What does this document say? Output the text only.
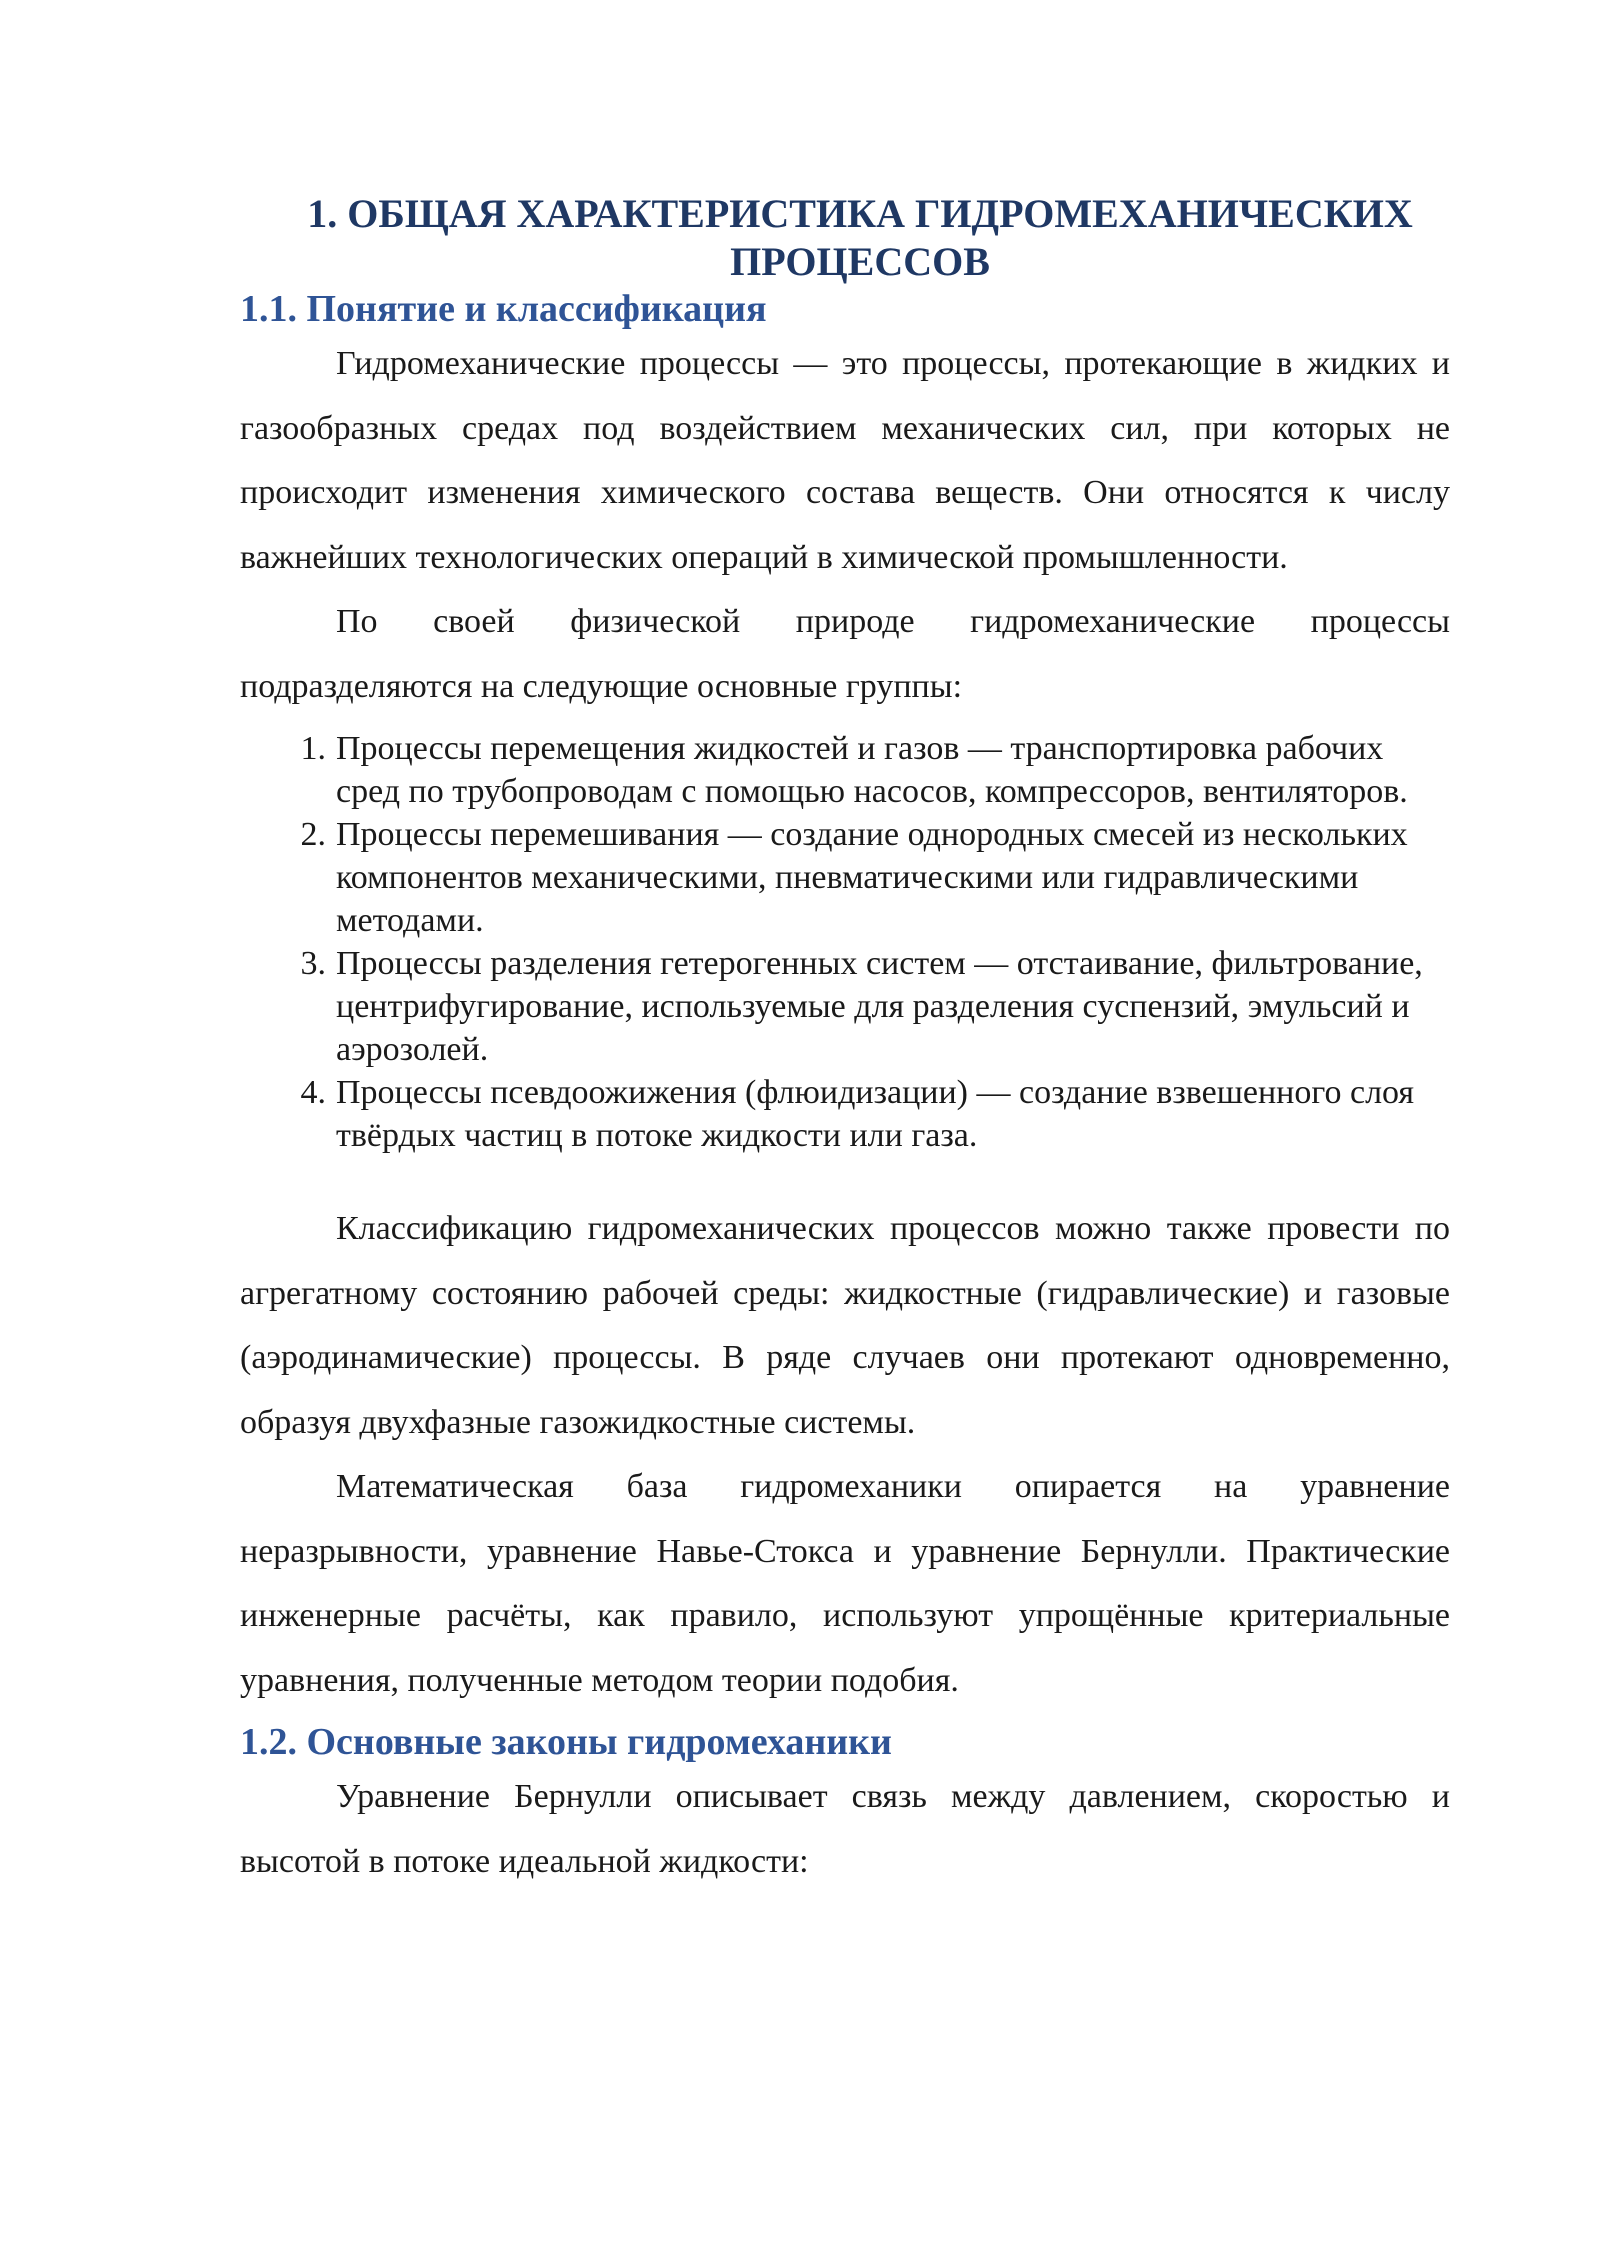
1. ОБЩАЯ ХАРАКТЕРИСТИКА ГИДРОМЕХАНИЧЕСКИХ
ПРОЦЕССОВ
1.1. Понятие и классификация

Гидромеханические процессы — это процессы, протекающие в жидких и газообразных средах под воздействием механических сил, при которых не происходит изменения химического состава веществ. Они относятся к числу важнейших технологических операций в химической промышленности.

По своей физической природе гидромеханические процессы подразделяются на следующие основные группы:

1. Процессы перемещения жидкостей и газов — транспортировка рабочих сред по трубопроводам с помощью насосов, компрессоров, вентиляторов.
2. Процессы перемешивания — создание однородных смесей из нескольких компонентов механическими, пневматическими или гидравлическими методами.
3. Процессы разделения гетерогенных систем — отстаивание, фильтрование, центрифугирование, используемые для разделения суспензий, эмульсий и аэрозолей.
4. Процессы псевдоожижения (флюидизации) — создание взвешенного слоя твёрдых частиц в потоке жидкости или газа.

Классификацию гидромеханических процессов можно также провести по агрегатному состоянию рабочей среды: жидкостные (гидравлические) и газовые (аэродинамические) процессы. В ряде случаев они протекают одновременно, образуя двухфазные газожидкостные системы.

Математическая база гидромеханики опирается на уравнение неразрывности, уравнение Навье-Стокса и уравнение Бернулли. Практические инженерные расчёты, как правило, используют упрощённые критериальные уравнения, полученные методом теории подобия.

1.2. Основные законы гидромеханики

Уравнение Бернулли описывает связь между давлением, скоростью и высотой в потоке идеальной жидкости:
